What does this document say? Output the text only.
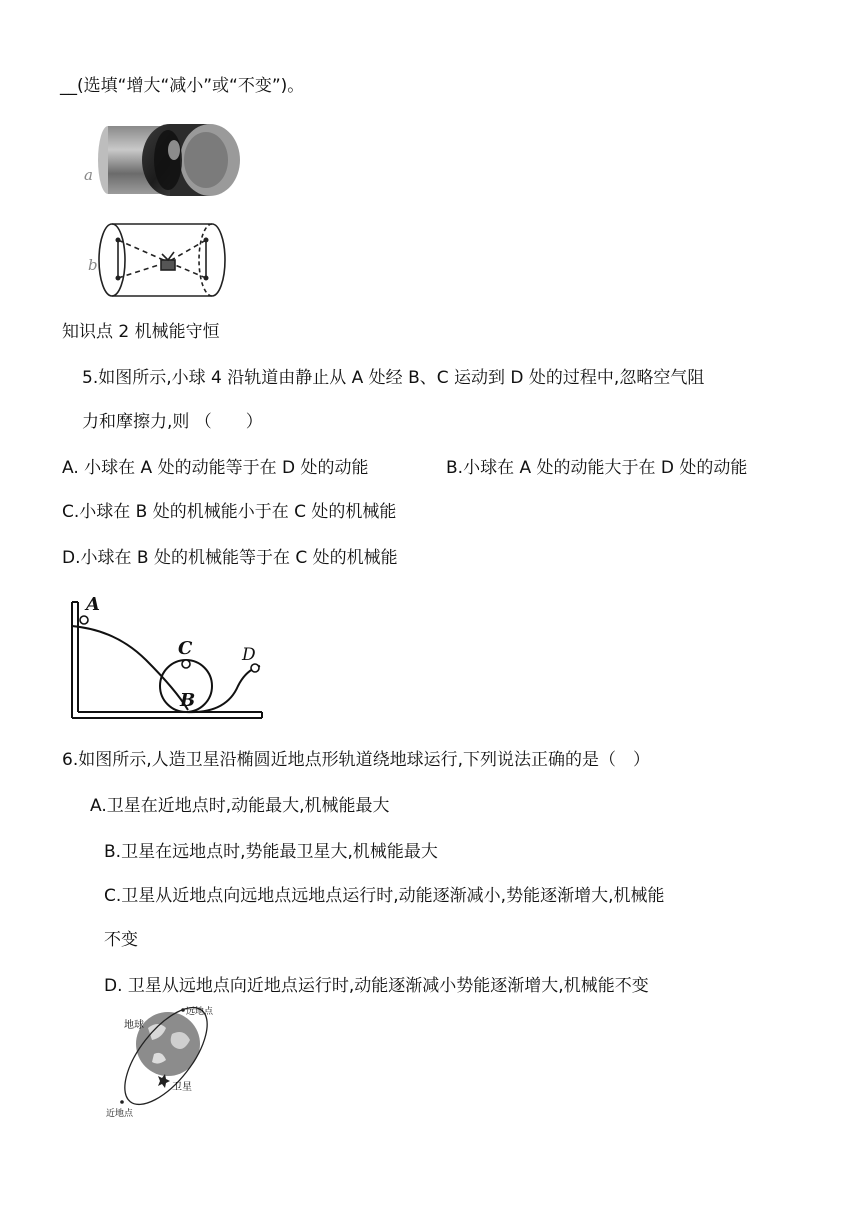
__(选填“增大“减小”或“不变”)。
a
b
知识点 2 机械能守恒
5.如图所示,小球 4 沿轨道由静止从 A 处经 B、C 运动到 D 处的过程中,忽略空气阻
力和摩擦力,则 （　　）
A. 小球在 A 处的动能等于在 D 处的动能	B.小球在 A 处的动能大于在 D 处的动能
C.小球在 B 处的机械能小于在 C 处的机械能
D.小球在 B 处的机械能等于在 C 处的机械能
A
C
B
D
6.如图所示,人造卫星沿椭圆近地点形轨道绕地球运行,下列说法正确的是（　）
A.卫星在近地点时,动能最大,机械能最大
B.卫星在远地点时,势能最卫星大,机械能最大
C.卫星从近地点向远地点远地点运行时,动能逐渐减小,势能逐渐增大,机械能
不变
D. 卫星从远地点向近地点运行时,动能逐渐减小势能逐渐增大,机械能不变
地球
远地点
卫星
近地点
